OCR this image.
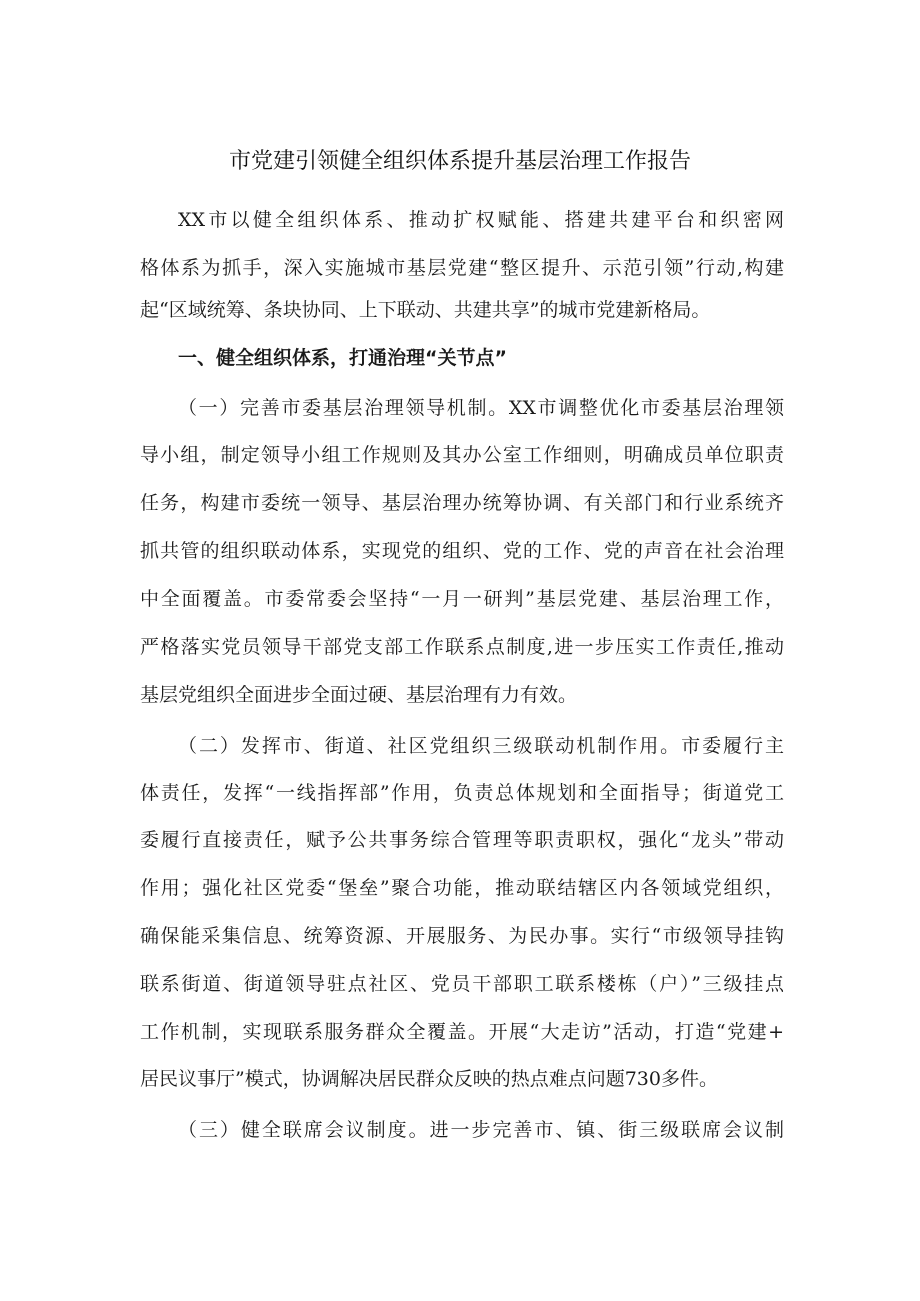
市党建引领健全组织体系提升基层治理工作报告

XX市以健全组织体系、推动扩权赋能、搭建共建平台和织密网

格体系为抓手，深入实施城市基层党建“整区提升、示范引领”行动,构建

起“区域统筹、条块协同、上下联动、共建共享”的城市党建新格局。

一、健全组织体系，打通治理“关节点”

（一）完善市委基层治理领导机制。XX市调整优化市委基层治理领

导小组，制定领导小组工作规则及其办公室工作细则，明确成员单位职责

任务，构建市委统一领导、基层治理办统筹协调、有关部门和行业系统齐

抓共管的组织联动体系，实现党的组织、党的工作、党的声音在社会治理

中全面覆盖。市委常委会坚持“一月一研判”基层党建、基层治理工作，

严格落实党员领导干部党支部工作联系点制度,进一步压实工作责任,推动

基层党组织全面进步全面过硬、基层治理有力有效。

（二）发挥市、街道、社区党组织三级联动机制作用。市委履行主

体责任，发挥“一线指挥部”作用，负责总体规划和全面指导；街道党工

委履行直接责任，赋予公共事务综合管理等职责职权，强化“龙头”带动

作用；强化社区党委“堡垒”聚合功能，推动联结辖区内各领域党组织，

确保能采集信息、统筹资源、开展服务、为民办事。实行“市级领导挂钩

联系街道、街道领导驻点社区、党员干部职工联系楼栋（户）”三级挂点

工作机制，实现联系服务群众全覆盖。开展“大走访”活动，打造“党建+

居民议事厅”模式，协调解决居民群众反映的热点难点问题730多件。

（三）健全联席会议制度。进一步完善市、镇、街三级联席会议制
